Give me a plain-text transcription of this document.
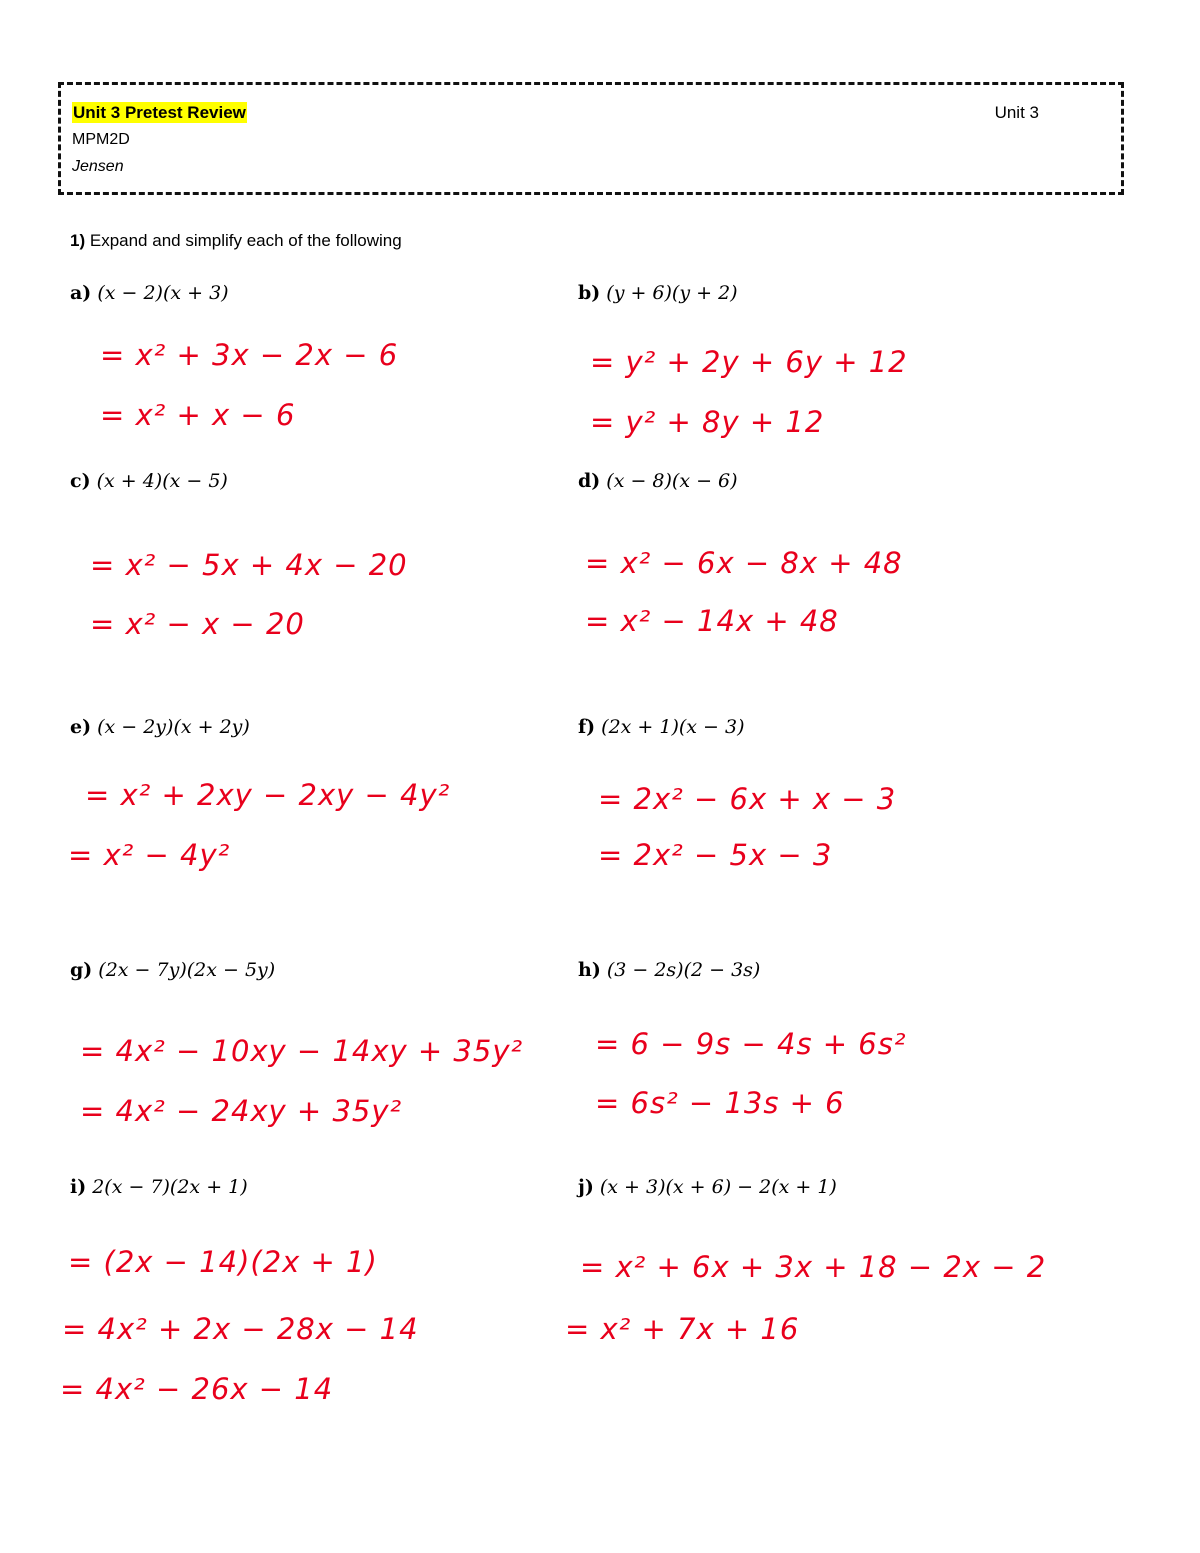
Unit 3 Pretest Review	Unit 3
MPM2D
Jensen
1) Expand and simplify each of the following
a) (x − 2)(x + 3)
= x² + 3x − 2x − 6
= x² + x − 6
b) (y + 6)(y + 2)
= y² + 2y + 6y + 12
= y² + 8y + 12
c) (x + 4)(x − 5)
= x² − 5x + 4x − 20
= x² − x − 20
d) (x − 8)(x − 6)
= x² − 6x − 8x + 48
= x² − 14x + 48
e) (x − 2y)(x + 2y)
= x² + 2xy − 2xy − 4y²
= x² − 4y²
f) (2x + 1)(x − 3)
= 2x² − 6x + x − 3
= 2x² − 5x − 3
g) (2x − 7y)(2x − 5y)
= 4x² − 10xy − 14xy + 35y²
= 4x² − 24xy + 35y²
h) (3 − 2s)(2 − 3s)
= 6 − 9s − 4s + 6s²
= 6s² − 13s + 6
i) 2(x − 7)(2x + 1)
= (2x − 14)(2x + 1)
= 4x² + 2x − 28x − 14
= 4x² − 26x − 14
j) (x + 3)(x + 6) − 2(x + 1)
= x² + 6x + 3x + 18 − 2x − 2
= x² + 7x + 16
